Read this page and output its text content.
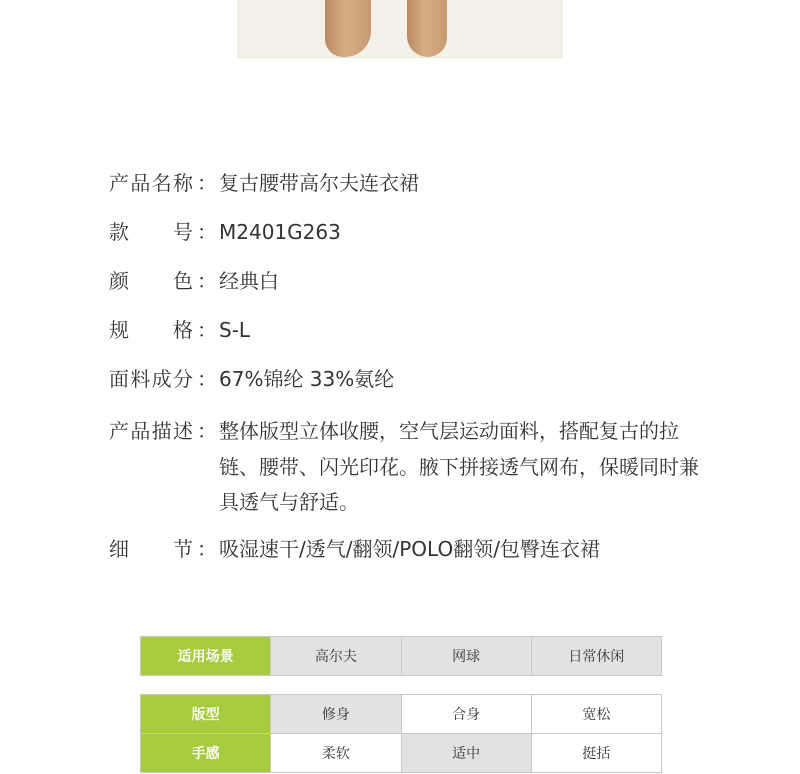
产 品 名 称 ： 复古腰带高尔夫连衣裙
款 号 ： M2401G263
颜 色 ： 经典白
规 格 ： S-L
面 料 成 分 ： 67%锦纶 33%氨纶
产 品 描 述 ： 整体版型立体收腰，空气层运动面料，搭配复古的拉链、腰带、闪光印花。腋下拼接透气网布，保暖同时兼具透气与舒适。
细 节 ： 吸湿速干/透气/翻领/POLO翻领/包臀连衣裙
适用场景	高尔夫	网球	日常休闲
版型	修身	合身	宽松
手感	柔软	适中	挺括
